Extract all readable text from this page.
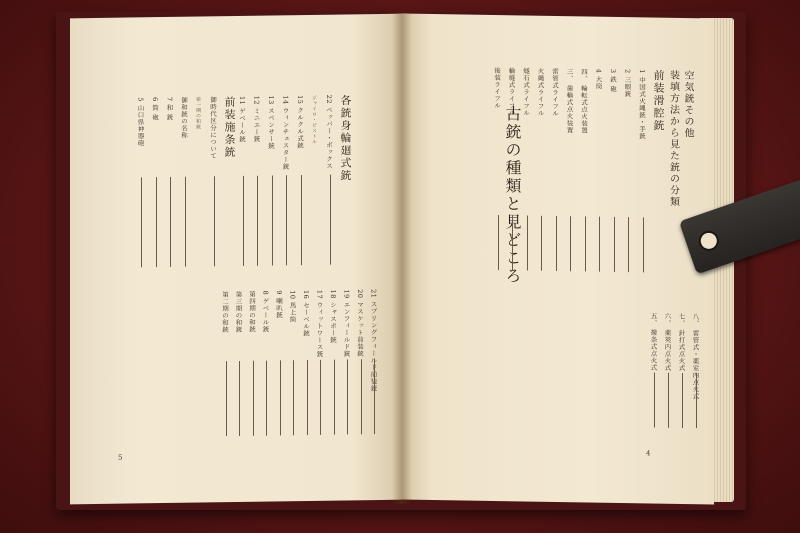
各銃身輪廻式銃
22 ペッパー・ボックス
ジャイロ・ピストル
15 クルクル式銃
14 ウィンチェスター銃
13 スペンサー銃
12 ミニエー銃
11 ゲベール銃
前装施条銃
御時代区分について
第一期の和銃
御和銃の名称
7 和 銃
6 筒 砲
5 山口県神器砲
21 スプリングフィールド前装銃
20 マスケット前装銃
19 エンフィールド銃
18 シャスポー銃
17 ウィットワース銃
16 セーベル銃
10 馬上筒
9 喇叭銃
8 ゲベール銃
第四期の和銃
第三期の和銃
第二期の和銃
5
古銃の種類と見どころ
空気銃その他
装填方法から見た銃の分類
前装滑腔銃
1 中国式火縄銃・手銃
2 三眼銃
3 鉄 砲
4 大筒
四、 輪転式点火装置
三、 歯輪式点火装置
雷管式ライフル
火縄式ライフル
燧石式ライフル
輪燧式ライフル
後装ライフル
八、 雷管式・薬室内点火式
七、 針打式点火式
六、 薬莢内点火式
五、 撥条式点火式
4
